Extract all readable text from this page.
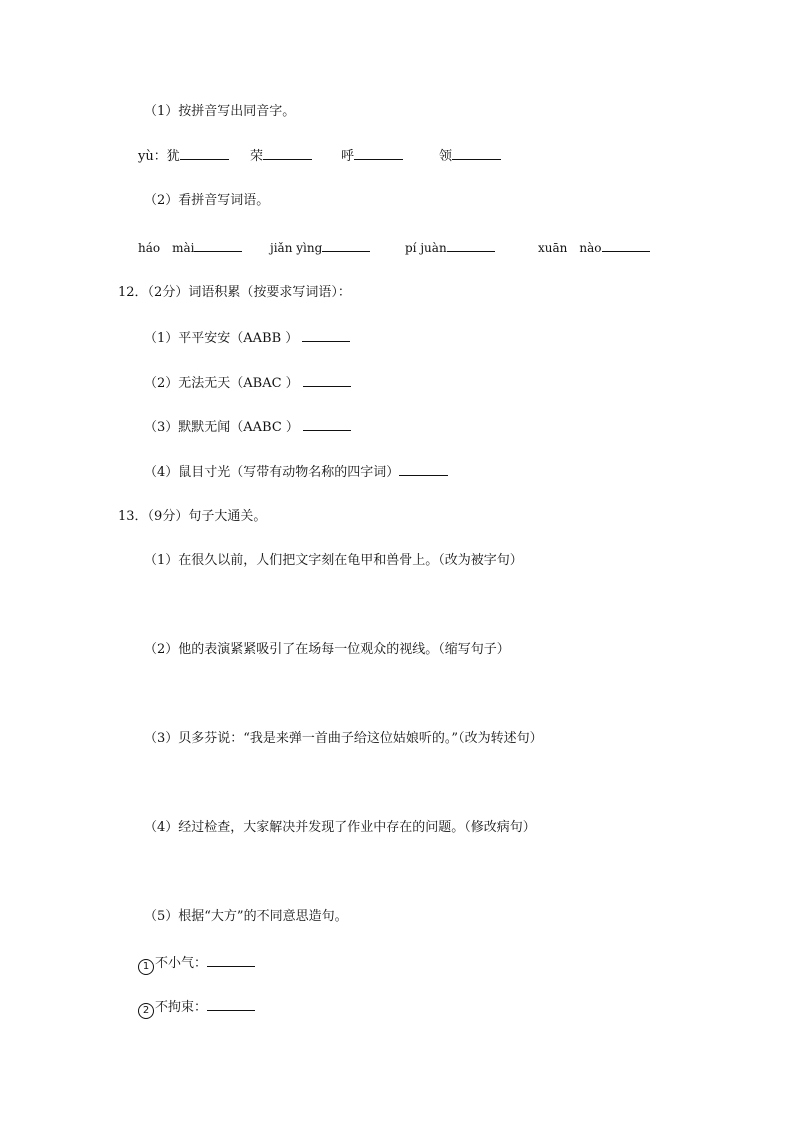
（1）按拼音写出同音字。
yù：犹	荣	呼	领
（2）看拼音写词语。
háo　mài	jiǎn yìng	pí juàn	xuān　nào
12．（2分）词语积累（按要求写词语）：
（1）平平安安（AABB ）
（2）无法无天（ABAC ）
（3）默默无闻（AABC ）
（4）鼠目寸光（写带有动物名称的四字词）
13．（9分）句子大通关。
（1）在很久以前，人们把文字刻在龟甲和兽骨上。（改为被字句）
（2）他的表演紧紧吸引了在场每一位观众的视线。（缩写句子）
（3）贝多芬说：“我是来弹一首曲子给这位姑娘听的。”（改为转述句）
（4）经过检查，大家解决并发现了作业中存在的问题。（修改病句）
（5）根据“大方”的不同意思造句。
1 不小气：
2 不拘束：
